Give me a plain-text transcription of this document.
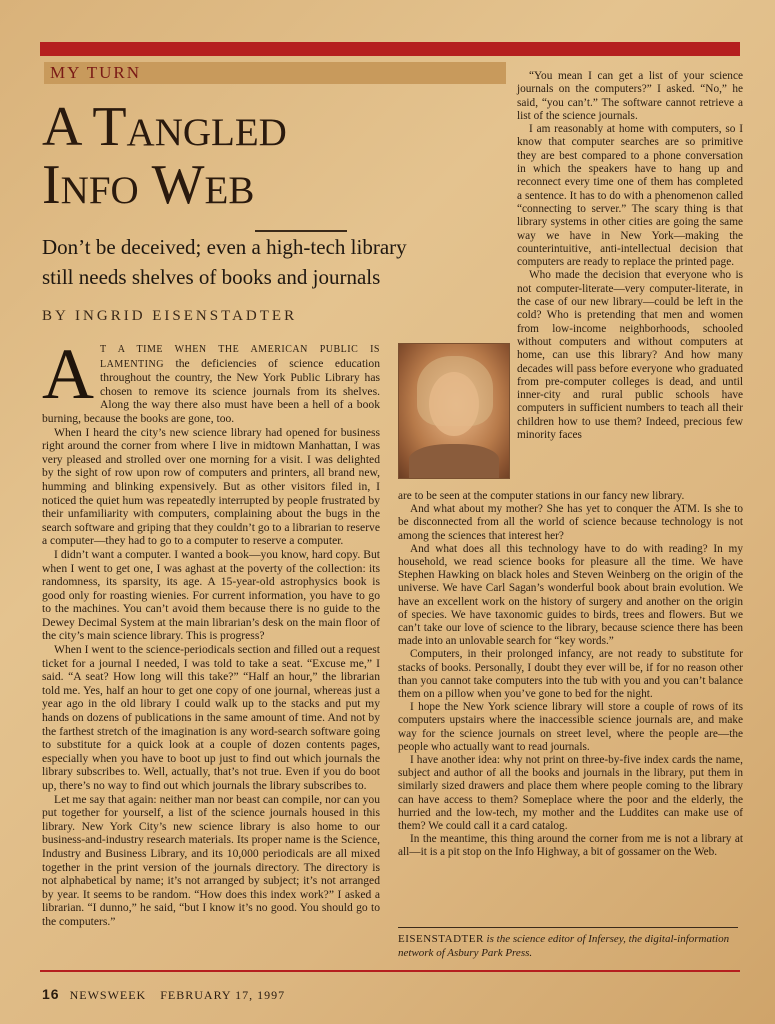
MY TURN
A Tangled
Info Web
Don’t be deceived; even a high-tech library
still needs shelves of books and journals
BY INGRID EISENSTADTER

AT A TIME WHEN THE AMERICAN PUBLIC IS LAMENTING the deficiencies of science education throughout the country, the New York Public Library has chosen to remove its science journals from its shelves. Along the way there also must have been a hell of a book burning, because the books are gone, too.

When I heard the city’s new science library had opened for business right around the corner from where I live in midtown Manhattan, I was very pleased and strolled over one morning for a visit. I was delighted by the sight of row upon row of computers and printers, all brand new, humming and blinking expensively. But as other visitors filed in, I noticed the quiet hum was repeatedly interrupted by people frustrated by their unfamiliarity with computers, complaining about the bugs in the search software and griping that they couldn’t go to a librarian to reserve a computer—they had to go to a computer to reserve a computer.

I didn’t want a computer. I wanted a book—you know, hard copy. But when I went to get one, I was aghast at the poverty of the collection: its randomness, its sparsity, its age. A 15-year-old astrophysics book is good only for roasting wienies. For current information, you have to go to the machines. You can’t avoid them because there is no guide to the Dewey Decimal System at the main librarian’s desk on the main floor of the city’s main science library. This is progress?

When I went to the science-periodicals section and filled out a request ticket for a journal I needed, I was told to take a seat. “Excuse me,” I said. “A seat? How long will this take?” “Half an hour,” the librarian told me. Yes, half an hour to get one copy of one journal, whereas just a year ago in the old library I could walk up to the stacks and put my hands on dozens of publications in the same amount of time. And not by the farthest stretch of the imagination is any word-search software going to substitute for a quick look at a couple of dozen contents pages, especially when you have to boot up just to find out which journals the library subscribes to. Well, actually, that’s not true. Even if you do boot up, there’s no way to find out which journals the library subscribes to.

Let me say that again: neither man nor beast can compile, nor can you put together for yourself, a list of the science journals housed in this library. New York City’s new science library is also home to our business-and-industry research materials. Its proper name is the Science, Industry and Business Library, and its 10,000 periodicals are all mixed together in the print version of the journals directory. The directory is not alphabetical by name; it’s not arranged by subject; it’s not arranged by year. It seems to be random. “How does this index work?” I asked a librarian. “I dunno,” he said, “but I know it’s no good. You should go to the computers.”

“You mean I can get a list of your science journals on the computers?” I asked. “No,” he said, “you can’t.” The software cannot retrieve a list of the science journals.

I am reasonably at home with computers, so I know that computer searches are so primitive they are best compared to a phone conversation in which the speakers have to hang up and reconnect every time one of them has completed a sentence. It has to do with a phenomenon called “connecting to server.” The scary thing is that library systems in other cities are going the same way we have in New York—making the counterintuitive, anti-intellectual decision that computers are ready to replace the printed page.

Who made the decision that everyone who is not computer-literate—very computer-literate, in the case of our new library—could be left in the cold? Who is pretending that men and women from low-income neighborhoods, schooled without computers and without computers at home, can use this library? And how many decades will pass before everyone who graduated from pre-computer colleges is dead, and until inner-city and rural public schools have computers in sufficient numbers to teach all their children how to use them? Indeed, precious few minority faces

are to be seen at the computer stations in our fancy new library.

And what about my mother? She has yet to conquer the ATM. Is she to be disconnected from all the world of science because technology is not among the sciences that interest her?

And what does all this technology have to do with reading? In my household, we read science books for pleasure all the time. We have Stephen Hawking on black holes and Steven Weinberg on the origin of the universe. We have Carl Sagan’s wonderful book about brain evolution. We have an excellent work on the history of surgery and another on the origin of species. We have taxonomic guides to birds, trees and flowers. But we can’t take our love of science to the library, because science there has been made into an unlovable search for “key words.”

Computers, in their prolonged infancy, are not ready to substitute for stacks of books. Personally, I doubt they ever will be, if for no reason other than you cannot take computers into the tub with you and you can’t balance them on a pillow when you’ve gone to bed for the night.

I hope the New York science library will store a couple of rows of its computers upstairs where the inaccessible science journals are, and make way for the science journals on street level, where the people are—the people who actually want to read journals.

I have another idea: why not print on three-by-five index cards the name, subject and author of all the books and journals in the library, put them in similarly sized drawers and place them where people coming to the library can have access to them? Someplace where the poor and the elderly, the hurried and the low-tech, my mother and the Luddites can make use of them? We could call it a card catalog.

In the meantime, this thing around the corner from me is not a library at all—it is a pit stop on the Info Highway, a bit of gossamer on the Web.

EISENSTADTER is the science editor of Infersey, the digital-information network of Asbury Park Press.
16 NEWSWEEK FEBRUARY 17, 1997
